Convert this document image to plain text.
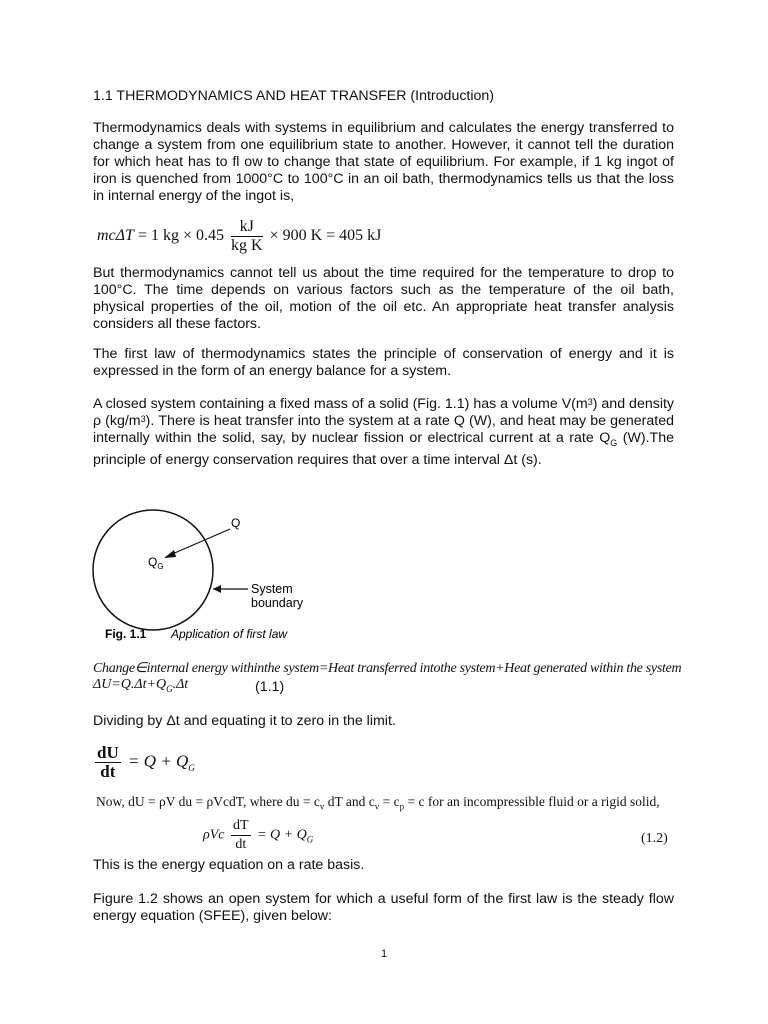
1.1 THERMODYNAMICS AND HEAT TRANSFER (Introduction)

Thermodynamics deals with systems in equilibrium and calculates the energy transferred to change a system from one equilibrium state to another. However, it cannot tell the duration for which heat has to fl ow to change that state of equilibrium. For example, if 1 kg ingot of iron is quenched from 1000°C to 100°C in an oil bath, thermodynamics tells us that the loss in internal energy of the ingot is,

mcΔT = 1 kg × $0.45 \frac{kJ}{\text{kg K}} \times 900$ K = 405 kJ

But thermodynamics cannot tell us about the time required for the temperature to drop to 100°C. The time depends on various factors such as the temperature of the oil bath, physical properties of the oil, motion of the oil etc. An appropriate heat transfer analysis considers all these factors.

The first law of thermodynamics states the principle of conservation of energy and it is expressed in the form of an energy balance for a system.

A closed system containing a fixed mass of a solid (Fig. 1.1) has a volume $V(m^3)$ and density ρ $(kg/m^3)$. There is heat transfer into the system at a rate Q (W), and heat may be generated internally within the solid, say, by nuclear fission or electrical current at a rate $Q_G$ (W).The principle of energy conservation requires that over a time interval Δt (s).

Q
$Q_G$
System
boundary
Fig. 1.1 Application of first law
Change∈internal energy withinthe system=Heat transferred intothe system+Heat generated within the system
$\Delta U=Q.\Delta t+Q_G.\Delta t$	(1.1)

Dividing by Δt and equating it to zero in the limit.

$\frac{dU}{dt} = Q + Q_G$
Now, dU = ρV du = ρVcdT, where du = $c_v$ dT and $c_v = c_p = c$ for an incompressible fluid or a rigid solid,
ρVc $\frac{dT}{dt} = Q + Q_G$	(1.2)

This is the energy equation on a rate basis.

Figure 1.2 shows an open system for which a useful form of the first law is the steady flow energy equation (SFEE), given below:

1
